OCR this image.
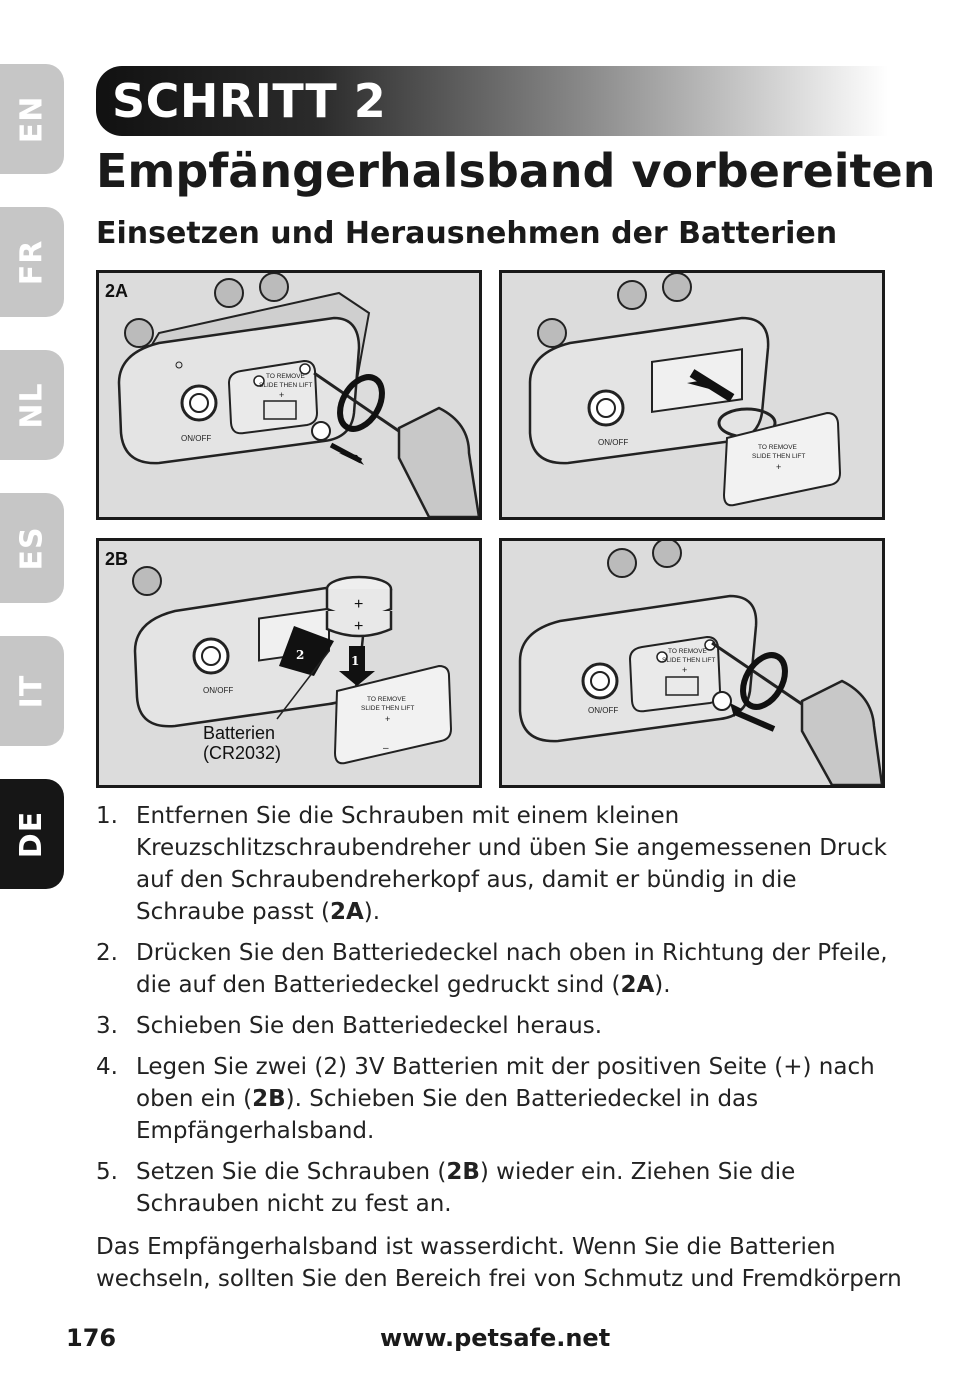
EN
FR
NL
ES
IT
DE
SCHRITT 2
Empfängerhalsband vorbereiten
Einsetzen und Herausnehmen der Batterien
ON/OFF
TO REMOVE
SLIDE THEN LIFT
+
2A
ON/OFF
TO REMOVE
SLIDE THEN LIFT
+
–
ON/OFF
+
+
2	1
TO REMOVE
SLIDE THEN LIFT
+
–
2B
Batterien
(CR2032)
ON/OFF
TO REMOVE
SLIDE THEN LIFT
+
1. Entfernen Sie die Schrauben mit einem kleinen Kreuzschlitzschraubendreher und üben Sie angemessenen Druck auf den Schraubendreherkopf aus, damit er bündig in die Schraube passt (2A).
2. Drücken Sie den Batteriedeckel nach oben in Richtung der Pfeile, die auf den Batteriedeckel gedruckt sind (2A).
3. Schieben Sie den Batteriedeckel heraus.
4. Legen Sie zwei (2) 3V Batterien mit der positiven Seite (+) nach oben ein (2B). Schieben Sie den Batteriedeckel in das Empfängerhalsband.
5. Setzen Sie die Schrauben (2B) wieder ein. Ziehen Sie die Schrauben nicht zu fest an.

Das Empfängerhalsband ist wasserdicht. Wenn Sie die Batterien wechseln, sollten Sie den Bereich frei von Schmutz und Fremdkörpern

176	www.petsafe.net
